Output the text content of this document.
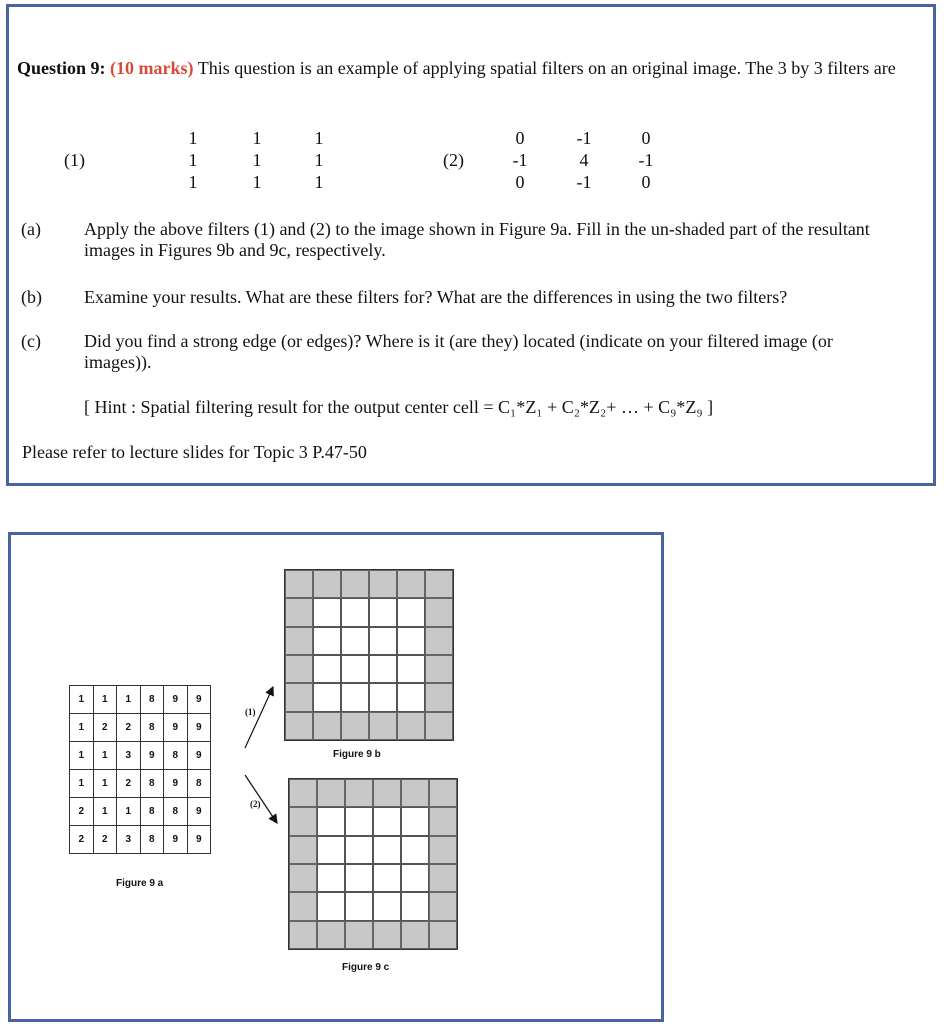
Question 9: (10 marks) This question is an example of applying spatial filters on an original image. The 3 by 3 filters are
(1)
1	1	1
1	1	1
1	1	1
(2)
0	-1	0
-1	4	-1
0	-1	0
(a) Apply the above filters (1) and (2) to the image shown in Figure 9a. Fill in the un-shaded part of the resultant images in Figures 9b and 9c, respectively.
(b) Examine your results. What are these filters for? What are the differences in using the two filters?
(c) Did you find a strong edge (or edges)? Where is it (are they) located (indicate on your filtered image (or images)).
[ Hint : Spatial filtering result for the output center cell = C₁*Z₁ + C₂*Z₂+ … + C₉*Z₉ ]
Please refer to lecture slides for Topic 3 P.47-50
1	1	1	8	9	9
1	2	2	8	9	9
1	1	3	9	8	9
1	1	2	8	9	8
2	1	1	8	8	9
2	2	3	8	9	9
Figure 9 a
Figure 9 b
Figure 9 c
(1)
(2)
